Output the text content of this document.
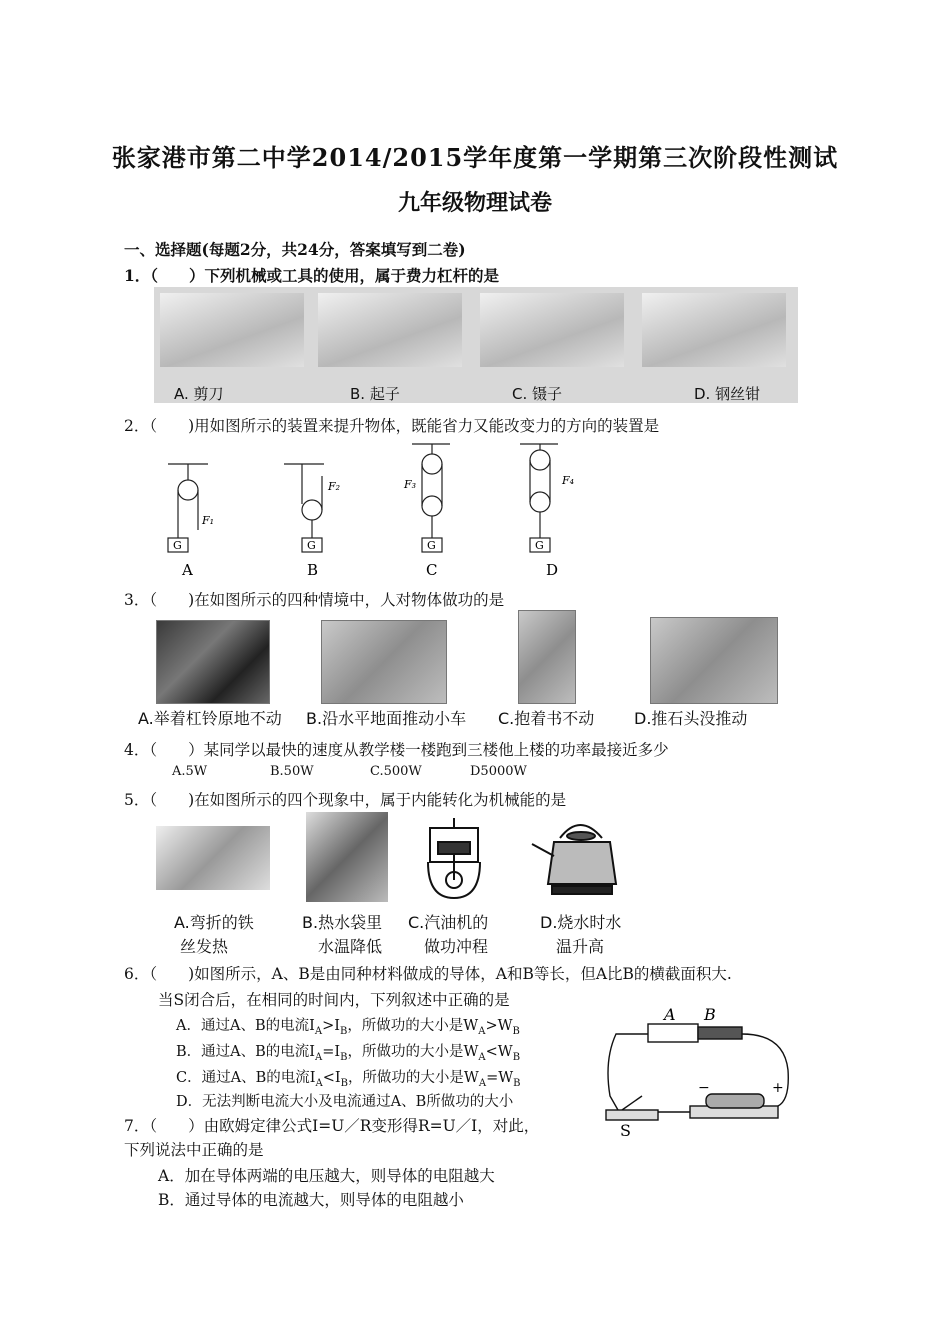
张家港市第二中学2014/2015学年度第一学期第三次阶段性测试
九年级物理试卷
一、选择题(每题2分，共24分，答案填写到二卷)
1．（　　）下列机械或工具的使用，属于费力杠杆的是
A. 剪刀	B. 起子	C. 镊子	D. 钢丝钳
2．（　　)用如图所示的装置来提升物体，既能省力又能改变力的方向的装置是
G	G	G	G
F₁
F₂	F₃	F₄
A	B	C	D
3．（　　)在如图所示的四种情境中，人对物体做功的是
A.举着杠铃原地不动 B.沿水平地面推动小车 C.抱着书不动 D.推石头没推动
4．（　　）某同学以最快的速度从教学楼一楼跑到三楼他上楼的功率最接近多少
A.5W	B.50W	C.500W	D5000W
5．（　　)在如图所示的四个现象中，属于内能转化为机械能的是
A.弯折的铁
丝发热
B.热水袋里
水温降低
C.汽油机的
做功冲程
D.烧水时水
温升高
6．（　　)如图所示，A、B是由同种材料做成的导体，A和B等长，但A比B的横截面积大.
当S闭合后，在相同的时间内，下列叙述中正确的是
A．通过A、B的电流$I_A>I_B$，所做功的大小是$W_A>W_B$
B．通过A、B的电流$I_A=I_B$，所做功的大小是$W_A<W_B$
C．通过A、B的电流$I_A<I_B$，所做功的大小是$W_A=W_B$
D．无法判断电流大小及电流通过A、B所做功的大小
A B
S
−	+
7．（　　）由欧姆定律公式I=U／R变形得R=U／I，对此，
下列说法中正确的是
A．加在导体两端的电压越大，则导体的电阻越大
B．通过导体的电流越大，则导体的电阻越小
